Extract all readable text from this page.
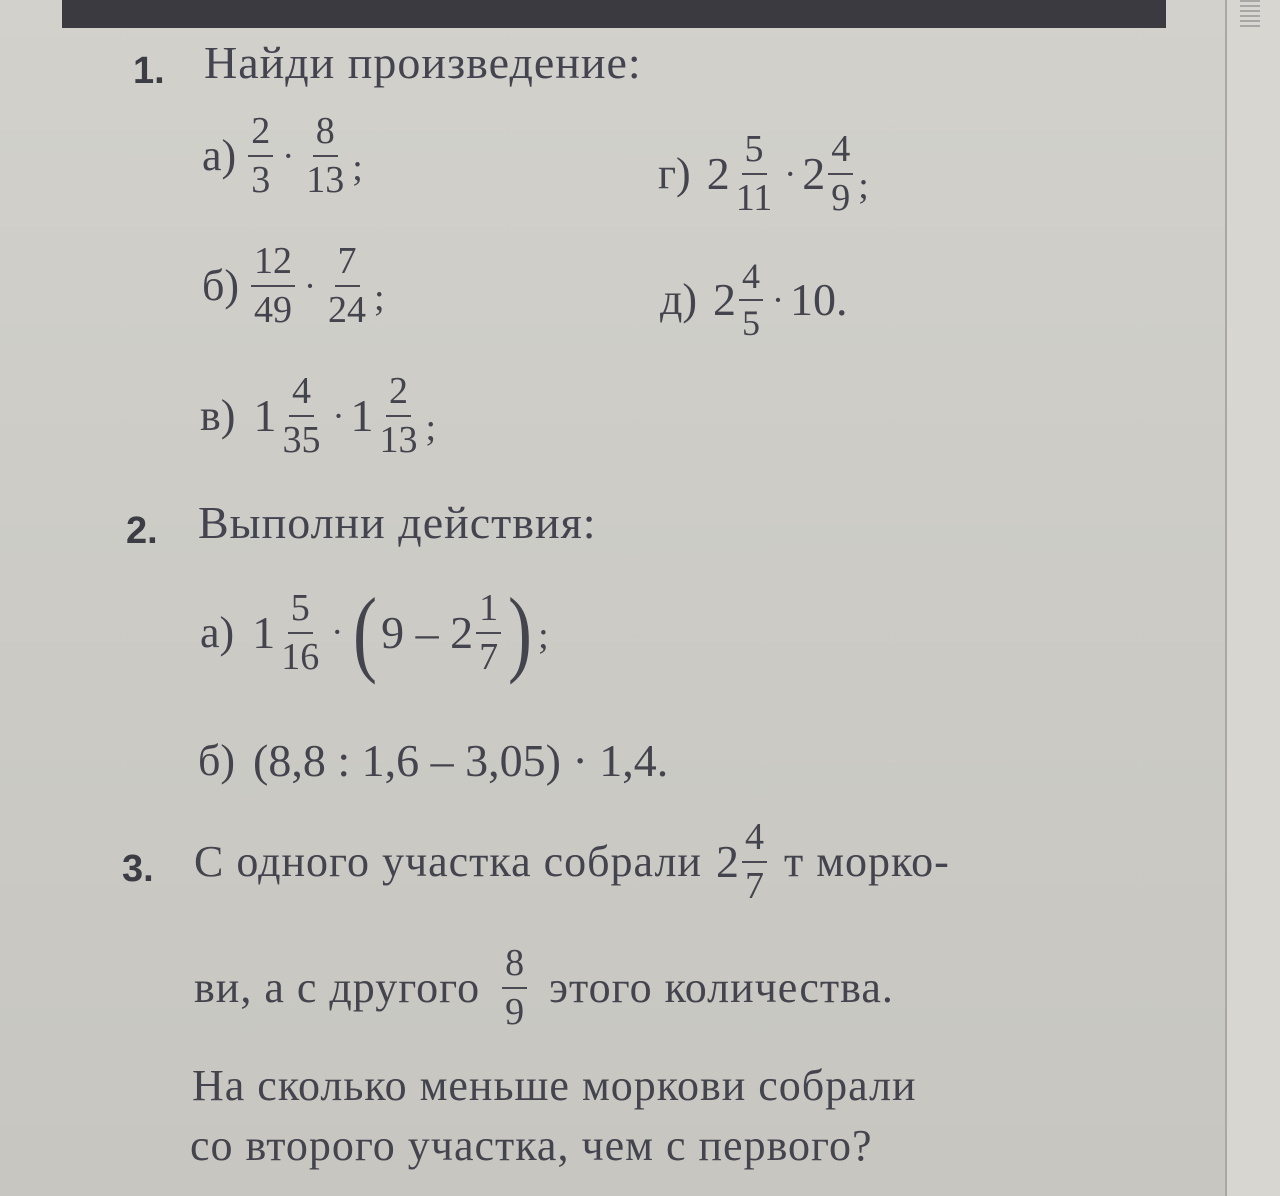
1. Найди произведение:
$а) \frac{2}{3} \cdot \frac{8}{13}$ ;
$б) \frac{12}{49} \cdot \frac{7}{24}$ ;
в) $1 \frac{4}{35} \cdot 1 \frac{2}{13}$ ;
г) $2 \frac{5}{11} \cdot 2 \frac{4}{9}$ ;
д) $2 \frac{4}{5} \cdot 10$.
2. Выполни действия:
а) $1 \frac{5}{16}$ · ( $9 - 2 \frac{1}{7}$ ) ;
б) (8,8 : 1,6 – 3,05) · 1,4.
3. С одного участка собрали $2 \frac{4}{7}$ т морко-
ви, а с другого $\frac{8}{9}$ этого количества.
На сколько меньше моркови собрали
со второго участка, чем с первого?
